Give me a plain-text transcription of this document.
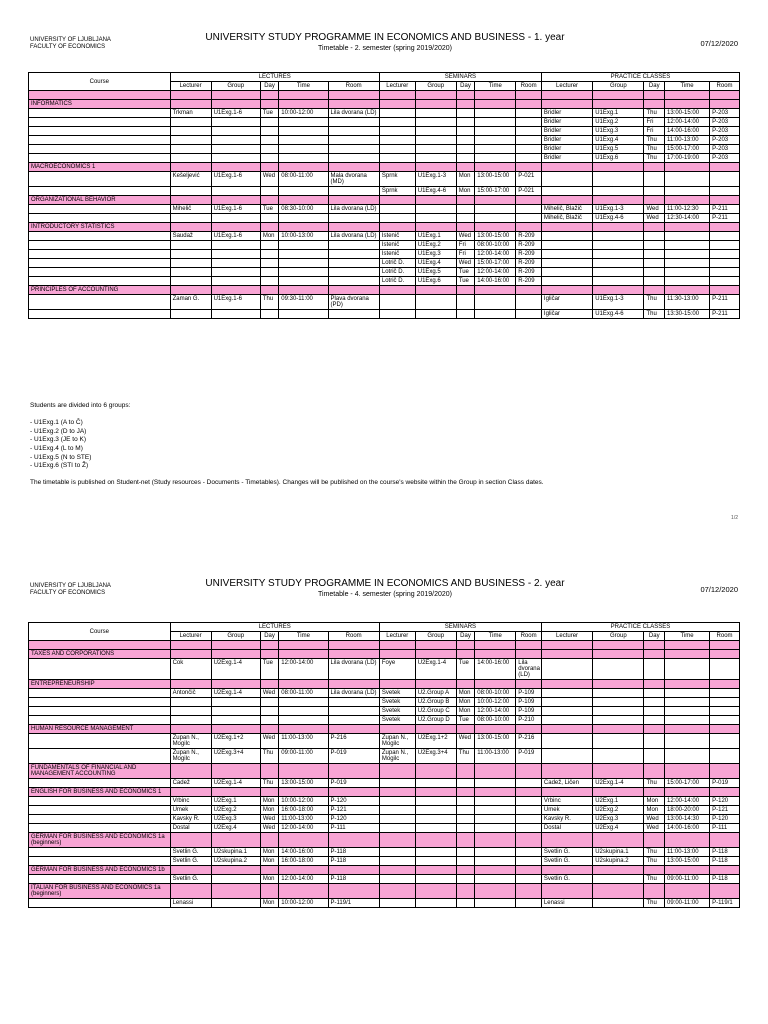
UNIVERSITY OF LJUBLJANA
FACULTY OF ECONOMICS
UNIVERSITY STUDY PROGRAMME IN ECONOMICS AND BUSINESS - 1. year
Timetable - 2. semester (spring 2019/2020)
07/12/2020
Course	LECTURES					SEMINARS					PRACTICE CLASSES				
	Lecturer	Group	Day	Time	Room	Lecturer	Group	Day	Time	Room	Lecturer	Group	Day	Time	Room

INFORMATICS															
	Trkman	U1Exg.1-6	Tue	10:00-12:00	Lila dvorana (LD)						Bridler	U1Exg.1	Thu	13:00-15:00	P-203
											Bridler	U1Exg.2	Fri	12:00-14:00	P-203
											Bridler	U1Exg.3	Fri	14:00-16:00	P-203
											Bridler	U1Exg.4	Thu	11:00-13:00	P-203
											Bridler	U1Exg.5	Thu	15:00-17:00	P-203
											Bridler	U1Exg.6	Thu	17:00-19:00	P-203
MACROECONOMICS 1															
	Kešeljević	U1Exg.1-6	Wed	08:00-11:00	Mala dvorana (MD)	Sprnk	U1Exg.1-3	Mon	13:00-15:00	P-021					
						Sprnk	U1Exg.4-6	Mon	15:00-17:00	P-021					
ORGANIZATIONAL BEHAVIOR															
	Mihelič	U1Exg.1-6	Tue	08:30-10:00	Lila dvorana (LD)						Mihelič, Blažič	U1Exg.1-3	Wed	11:00-12:30	P-211
											Mihelič, Blažič	U1Exg.4-6	Wed	12:30-14:00	P-211
INTRODUCTORY STATISTICS															
	Saudaž	U1Exg.1-6	Mon	10:00-13:00	Lila dvorana (LD)	Istenič	U1Exg.1	Wed	13:00-15:00	R-209					
						Istenič	U1Exg.2	Fri	08:00-10:00	R-209					
						Istenič	U1Exg.3	Fri	12:00-14:00	R-209					
						Lotrič D.	U1Exg.4	Wed	15:00-17:00	R-209					
						Lotrič D.	U1Exg.5	Tue	12:00-14:00	R-209					
						Lotrič D.	U1Exg.6	Tue	14:00-16:00	R-209					
PRINCIPLES OF ACCOUNTING															
	Zaman G.	U1Exg.1-6	Thu	09:30-11:00	Plava dvorana (PD)						Igličar	U1Exg.1-3	Thu	11:30-13:00	P-211
											Igličar	U1Exg.4-6	Thu	13:30-15:00	P-211
Students are divided into 6 groups:

- U1Exg.1 (A to Č)
- U1Exg.2 (D to JA)
- U1Exg.3 (JE to K)
- U1Exg.4 (L to M)
- U1Exg.5 (N to STE)
- U1Exg.6 (STI to Ž)

The timetable is published on Student-net (Study resources - Documents - Timetables). Changes will be published on the course's website within the Group in section Class dates.
1/2
UNIVERSITY OF LJUBLJANA
FACULTY OF ECONOMICS
UNIVERSITY STUDY PROGRAMME IN ECONOMICS AND BUSINESS - 2. year
Timetable - 4. semester (spring 2019/2020)
07/12/2020
Course	LECTURES					SEMINARS					PRACTICE CLASSES				
	Lecturer	Group	Day	Time	Room	Lecturer	Group	Day	Time	Room	Lecturer	Group	Day	Time	Room

TAXES AND CORPORATIONS															
	Čok	U2Exg.1-4	Tue	12:00-14:00	Lila dvorana (LD)	Foye	U2Exg.1-4	Tue	14:00-16:00	Lila dvorana (LD)					
ENTREPRENEURSHIP															
	Antončič	U2Exg.1-4	Wed	08:00-11:00	Lila dvorana (LD)	Svetek	U2.Group A	Mon	08:00-10:00	P-109					
						Svetek	U2.Group B	Mon	10:00-12:00	P-109					
						Svetek	U2.Group C	Mon	12:00-14:00	P-109					
						Svetek	U2.Group D	Tue	08:00-10:00	P-210					
HUMAN RESOURCE MANAGEMENT															
	Zupan N., Mogilc	U2Exg.1+2	Wed	11:00-13:00	P-216	Zupan N., Mogilc	U2Exg.1+2	Wed	13:00-15:00	P-216					
	Zupan N., Mogilc	U2Exg.3+4	Thu	09:00-11:00	P-019	Zupan N., Mogilc	U2Exg.3+4	Thu	11:00-13:00	P-019					
FUNDAMENTALS OF FINANCIAL AND MANAGEMENT ACCOUNTING															
	Čadež	U2Exg.1-4	Thu	13:00-15:00	P-019						Čadež, Ličen	U2Exg.1-4	Thu	15:00-17:00	P-019
ENGLISH FOR BUSINESS AND ECONOMICS 1															
	Vrbinc	U2Exg.1	Mon	10:00-12:00	P-120						Vrbinc	U2Exg.1	Mon	12:00-14:00	P-120
	Umek	U2Exg.2	Mon	16:00-18:00	P-121						Umek	U2Exg.2	Mon	18:00-20:00	P-121
	Kavsky R.	U2Exg.3	Wed	11:00-13:00	P-120						Kavsky R.	U2Exg.3	Wed	13:00-14:30	P-120
	Dostal	U2Exg.4	Wed	12:00-14:00	P-111						Dostal	U2Exg.4	Wed	14:00-16:00	P-111
GERMAN FOR BUSINESS AND ECONOMICS 1a (beginners)															
	Svetlin G.	U2skupina.1	Mon	14:00-16:00	P-118						Svetlin G.	U2skupina.1	Thu	11:00-13:00	P-118
	Svetlin G.	U2skupina.2	Mon	16:00-18:00	P-118						Svetlin G.	U2skupina.2	Thu	13:00-15:00	P-118
GERMAN FOR BUSINESS AND ECONOMICS 1b															
	Svetlin G.		Mon	12:00-14:00	P-118						Svetlin G.		Thu	09:00-11:00	P-118
ITALIAN FOR BUSINESS AND ECONOMICS 1a (beginners)															
	Lenassi		Mon	10:00-12:00	P-119/1						Lenassi		Thu	09:00-11:00	P-119/1
